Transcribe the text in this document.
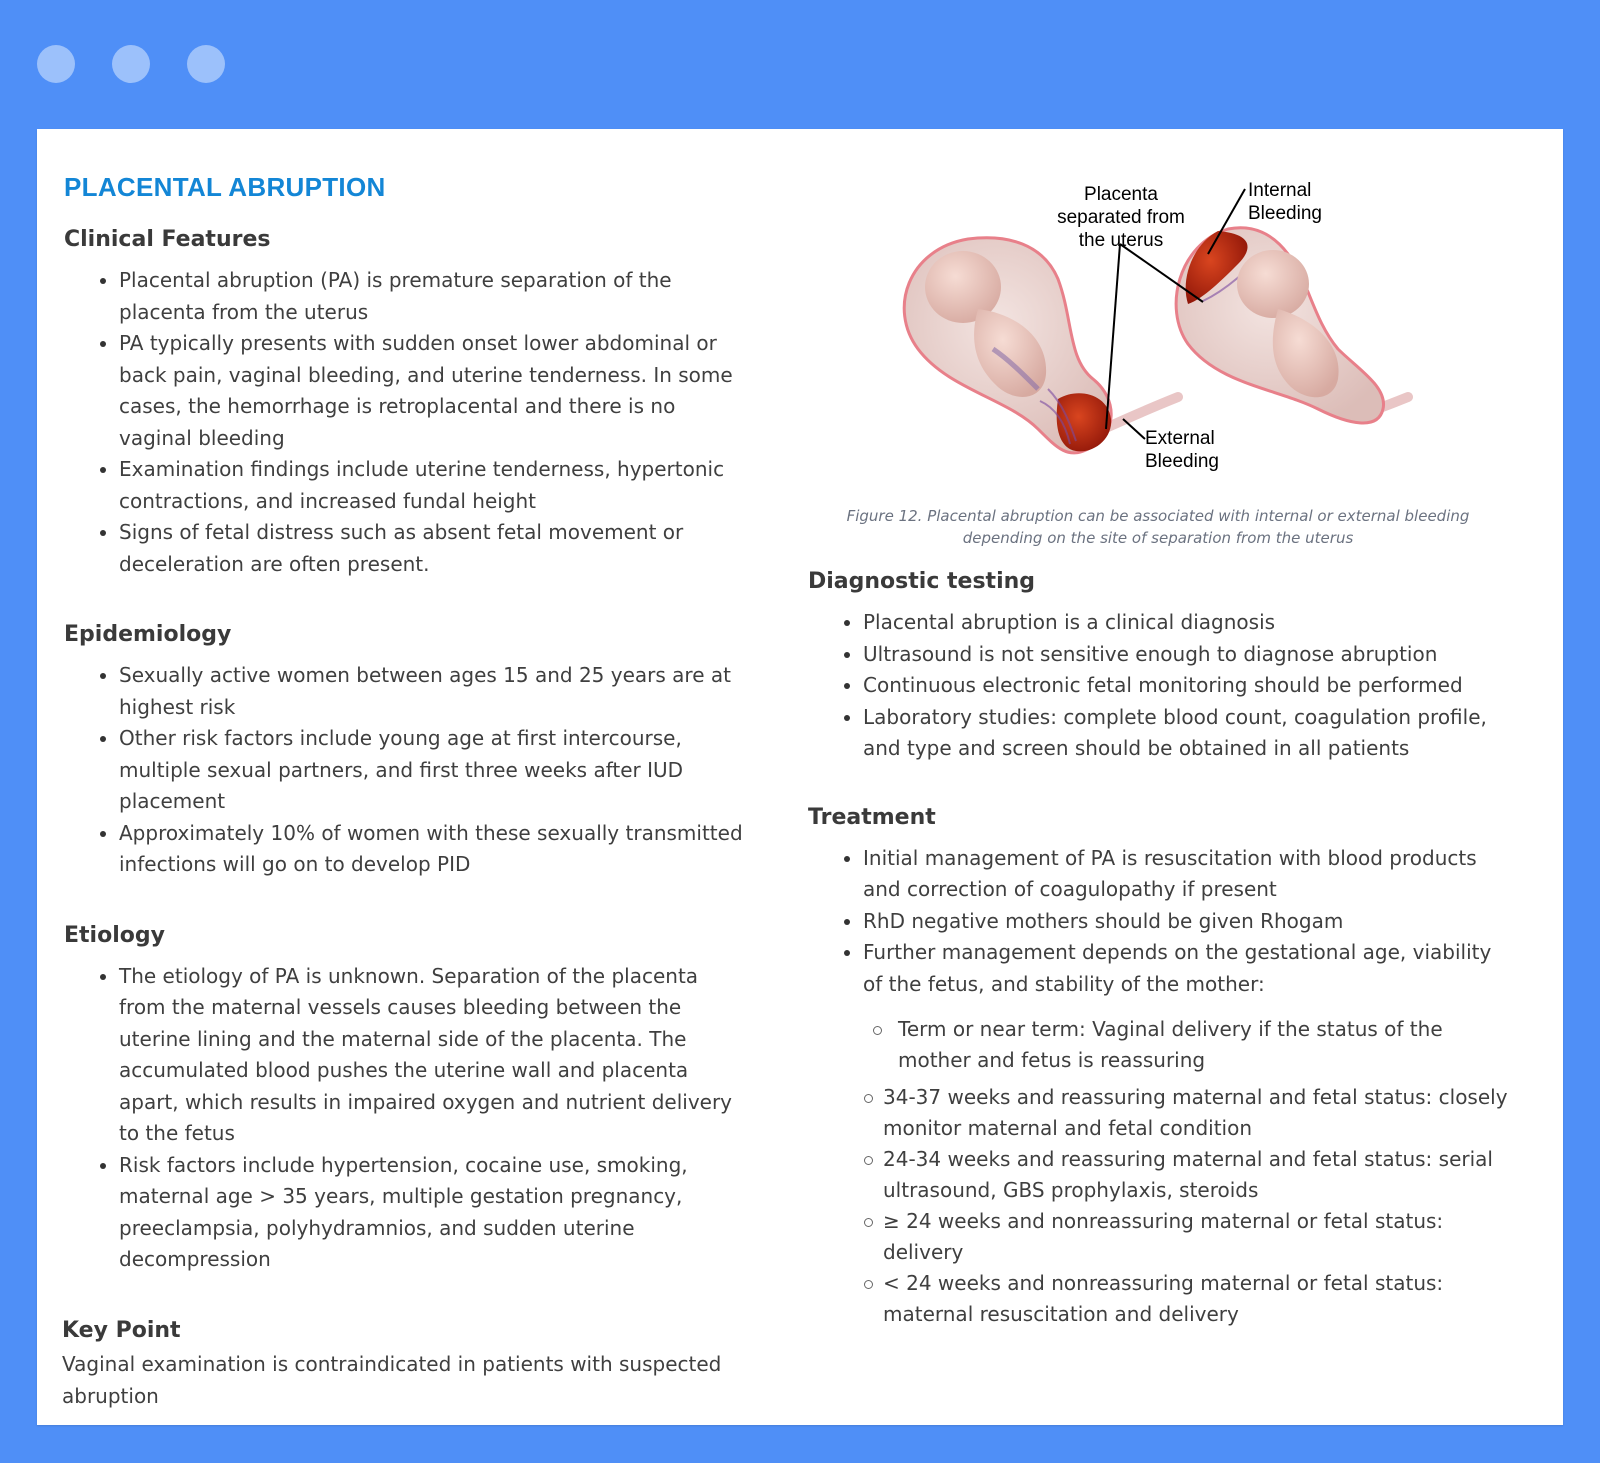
PLACENTAL ABRUPTION
Clinical Features
Placental abruption (PA) is premature separation of the placenta from the uterus
PA typically presents with sudden onset lower abdominal or back pain, vaginal bleeding, and uterine tenderness. In some cases, the hemorrhage is retroplacental and there is no vaginal bleeding
Examination findings include uterine tenderness, hypertonic contractions, and increased fundal height
Signs of fetal distress such as absent fetal movement or deceleration are often present.
Epidemiology
Sexually active women between ages 15 and 25 years are at highest risk
Other risk factors include young age at first intercourse, multiple sexual partners, and first three weeks after IUD placement
Approximately 10% of women with these sexually transmitted infections will go on to develop PID
Etiology
The etiology of PA is unknown. Separation of the placenta from the maternal vessels causes bleeding between the uterine lining and the maternal side of the placenta. The accumulated blood pushes the uterine wall and placenta apart, which results in impaired oxygen and nutrient delivery to the fetus
Risk factors include hypertension, cocaine use, smoking, maternal age > 35 years, multiple gestation pregnancy, preeclampsia, polyhydramnios, and sudden uterine decompression
Key Point
Vaginal examination is contraindicated in patients with suspected abruption
Placenta
separated from
the uterus
Internal
Bleeding
External
Bleeding
Figure 12. Placental abruption can be associated with internal or external bleeding
depending on the site of separation from the uterus
Diagnostic testing
Placental abruption is a clinical diagnosis
Ultrasound is not sensitive enough to diagnose abruption
Continuous electronic fetal monitoring should be performed
Laboratory studies: complete blood count, coagulation profile, and type and screen should be obtained in all patients
Treatment
Initial management of PA is resuscitation with blood products and correction of coagulopathy if present
RhD negative mothers should be given Rhogam
Further management depends on the gestational age, viability of the fetus, and stability of the mother:
Term or near term: Vaginal delivery if the status of the mother and fetus is reassuring
34-37 weeks and reassuring maternal and fetal status: closely monitor maternal and fetal condition
24-34 weeks and reassuring maternal and fetal status: serial ultrasound, GBS prophylaxis, steroids
≥ 24 weeks and nonreassuring maternal or fetal status: delivery
< 24 weeks and nonreassuring maternal or fetal status: maternal resuscitation and delivery
